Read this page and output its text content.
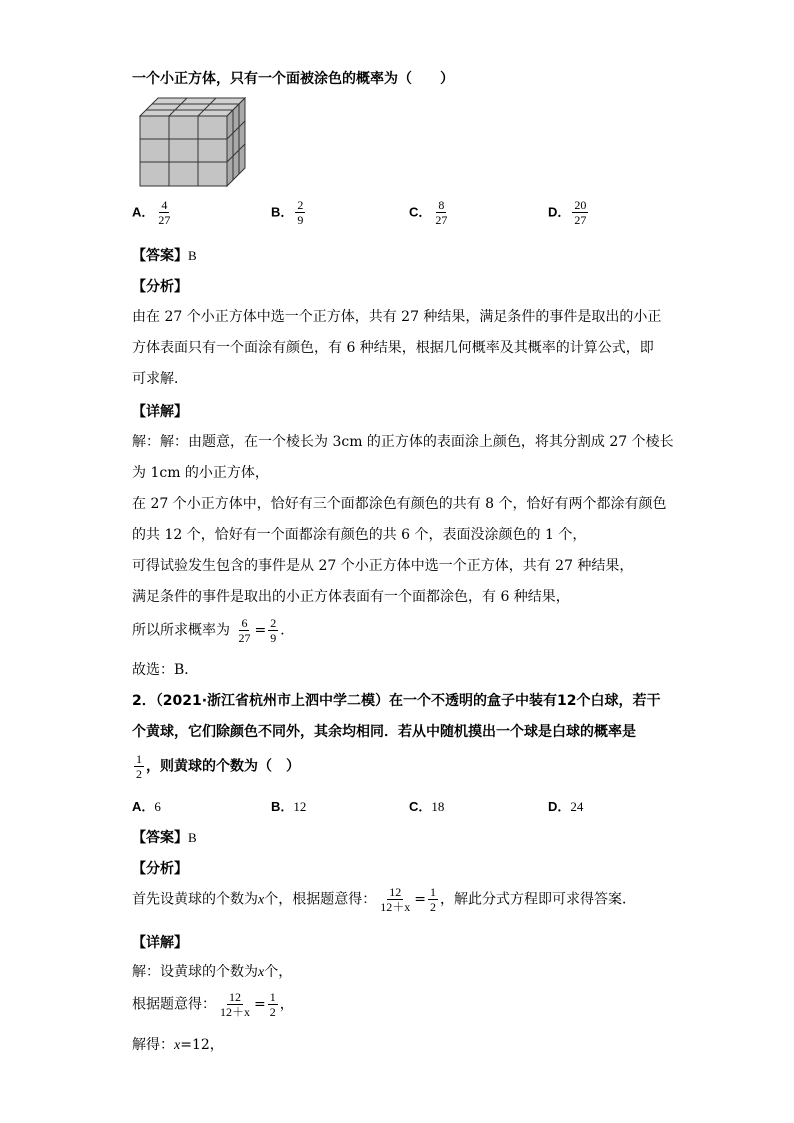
一个小正方体，只有一个面被涂色的概率为（　　）
A． $\frac{4}{27}$	B． $\frac{2}{9}$	C． $\frac{8}{27}$	D． $\frac{20}{27}$
【答案】B
【分析】
由在 27 个小正方体中选一个正方体，共有 27 种结果，满足条件的事件是取出的小正
方体表面只有一个面涂有颜色，有 6 种结果，根据几何概率及其概率的计算公式，即
可求解．
【详解】
解：解：由题意，在一个棱长为 3cm 的正方体的表面涂上颜色，将其分割成 27 个棱长
为 1cm 的小正方体，
在 27 个小正方体中，恰好有三个面都涂色有颜色的共有 8 个，恰好有两个都涂有颜色
的共 12 个，恰好有一个面都涂有颜色的共 6 个，表面没涂颜色的 1 个，
可得试验发生包含的事件是从 27 个小正方体中选一个正方体，共有 27 种结果，
满足条件的事件是取出的小正方体表面有一个面都涂色，有 6 种结果，
所以所求概率为 $\frac{6}{27} = \frac{2}{9}$ ．
故选：B．
2．（2021·浙江省杭州市上泗中学二模）在一个不透明的盒子中装有12个白球，若干
个黄球，它们除颜色不同外，其余均相同．若从中随机摸出一个球是白球的概率是
$\frac{1}{2}$ ，则黄球的个数为（　）
A．6	B．12	C．18	D．24
【答案】B
【分析】
首先设黄球的个数为x个，根据题意得： $\frac{12}{12+x} = \frac{1}{2}$ ，解此分式方程即可求得答案．
【详解】
解：设黄球的个数为x个，
根据题意得： $\frac{12}{12+x} = \frac{1}{2}$ ，
解得：x=12，
